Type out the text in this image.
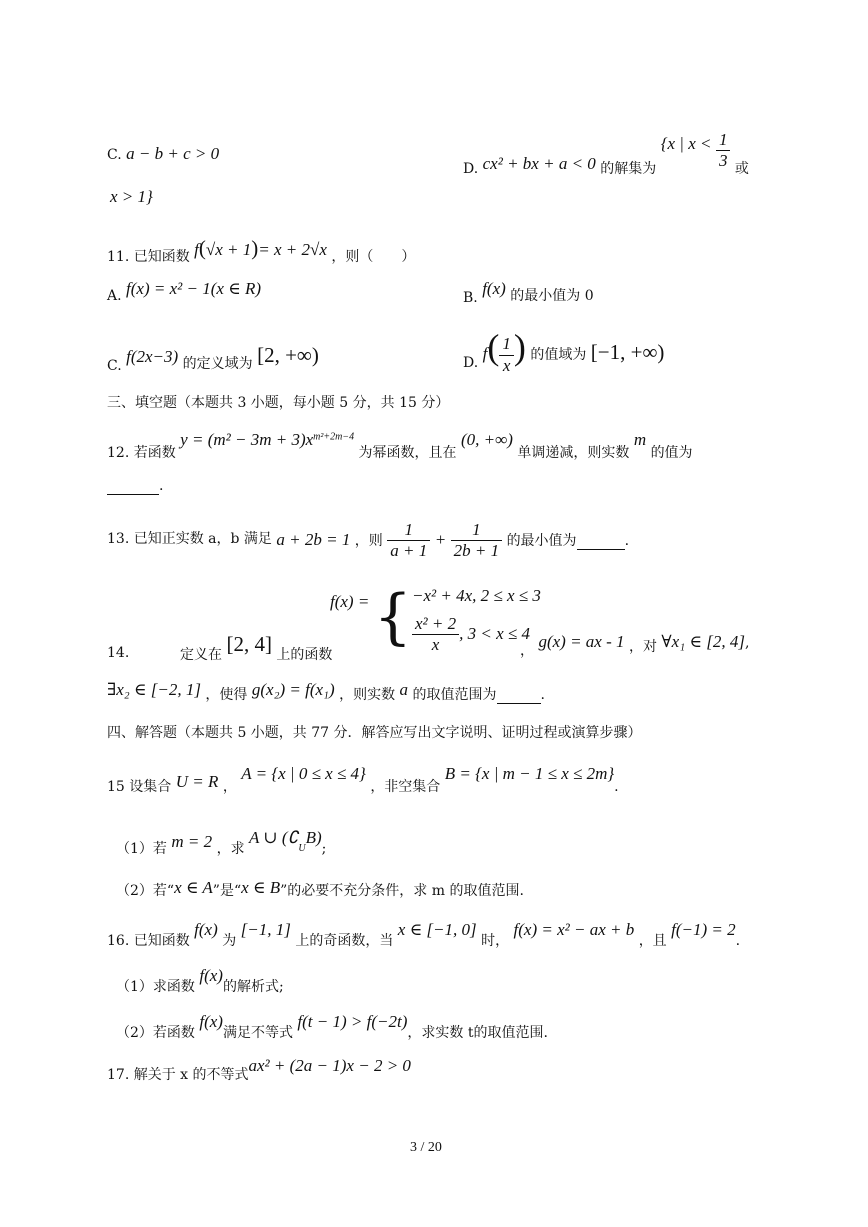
C. a − b + c > 0
D. cx² + bx + a < 0 的解集为 {x | $x < \frac{1}{3}$ 或
x > 1}
11. 已知函数 f(√x + 1)= x + 2√x ，则（　　）
A. f(x) = x² − 1(x ∈ R)	B. f(x) 的最小值为 0
C. f(2x−3) 的定义域为 [2, +∞)	D. $f( \frac{1}{x}$ ) 的值域为 [−1, +∞)
三、填空题（本题共 3 小题，每小题 5 分，共 15 分）
12. 若函数 $y = (m^2 - 3m + 3)x^{m^2+2m-4}$ 为幂函数，且在 (0, +∞) 单调递减，则实数 m 的值为
.
13. 已知正实数 a，b 满足 a + 2b = 1 ，则 $\frac{1}{a + 1} + \frac{1}{2b + 1}$ 的最小值为	.
14.	定义在 [2, 4] 上的函数
f(x) = { −x² + 4x, 2 ≤ x ≤ 3
$\frac{\text{x² + 2}}{x}$ , 3 < x ≤ 4
， g(x) = ax - 1 ，对 ∀x₁ ∈ [2, 4],
∃x₂ ∈ [−2, 1] ，使得 g(x₂) = f(x₁) ，则实数 a 的取值范围为	.
四、解答题（本题共 5 小题，共 77 分．解答应写出文字说明、证明过程或演算步骤）
15 设集合 U = R ， A = {x | 0 ≤ x ≤ 4} ，非空集合 B = {x | m − 1 ≤ x ≤ 2m}.
（1）若 m = 2 ，求 A ∪ $(∁_UB)$;
（2）若“x ∈ A”是“x ∈ B”的必要不充分条件，求 m 的取值范围.
16. 已知函数 f(x) 为 [−1, 1] 上的奇函数，当 x ∈ [−1, 0] 时， f(x) = x² − ax + b ，且 f(−1) = 2.
（1）求函数 f(x)的解析式;
（2）若函数 f(x)满足不等式 f(t − 1) > f(−2t)，求实数 t的取值范围.
17. 解关于 x 的不等式ax² + (2a − 1)x − 2 > 0
3 / 20
